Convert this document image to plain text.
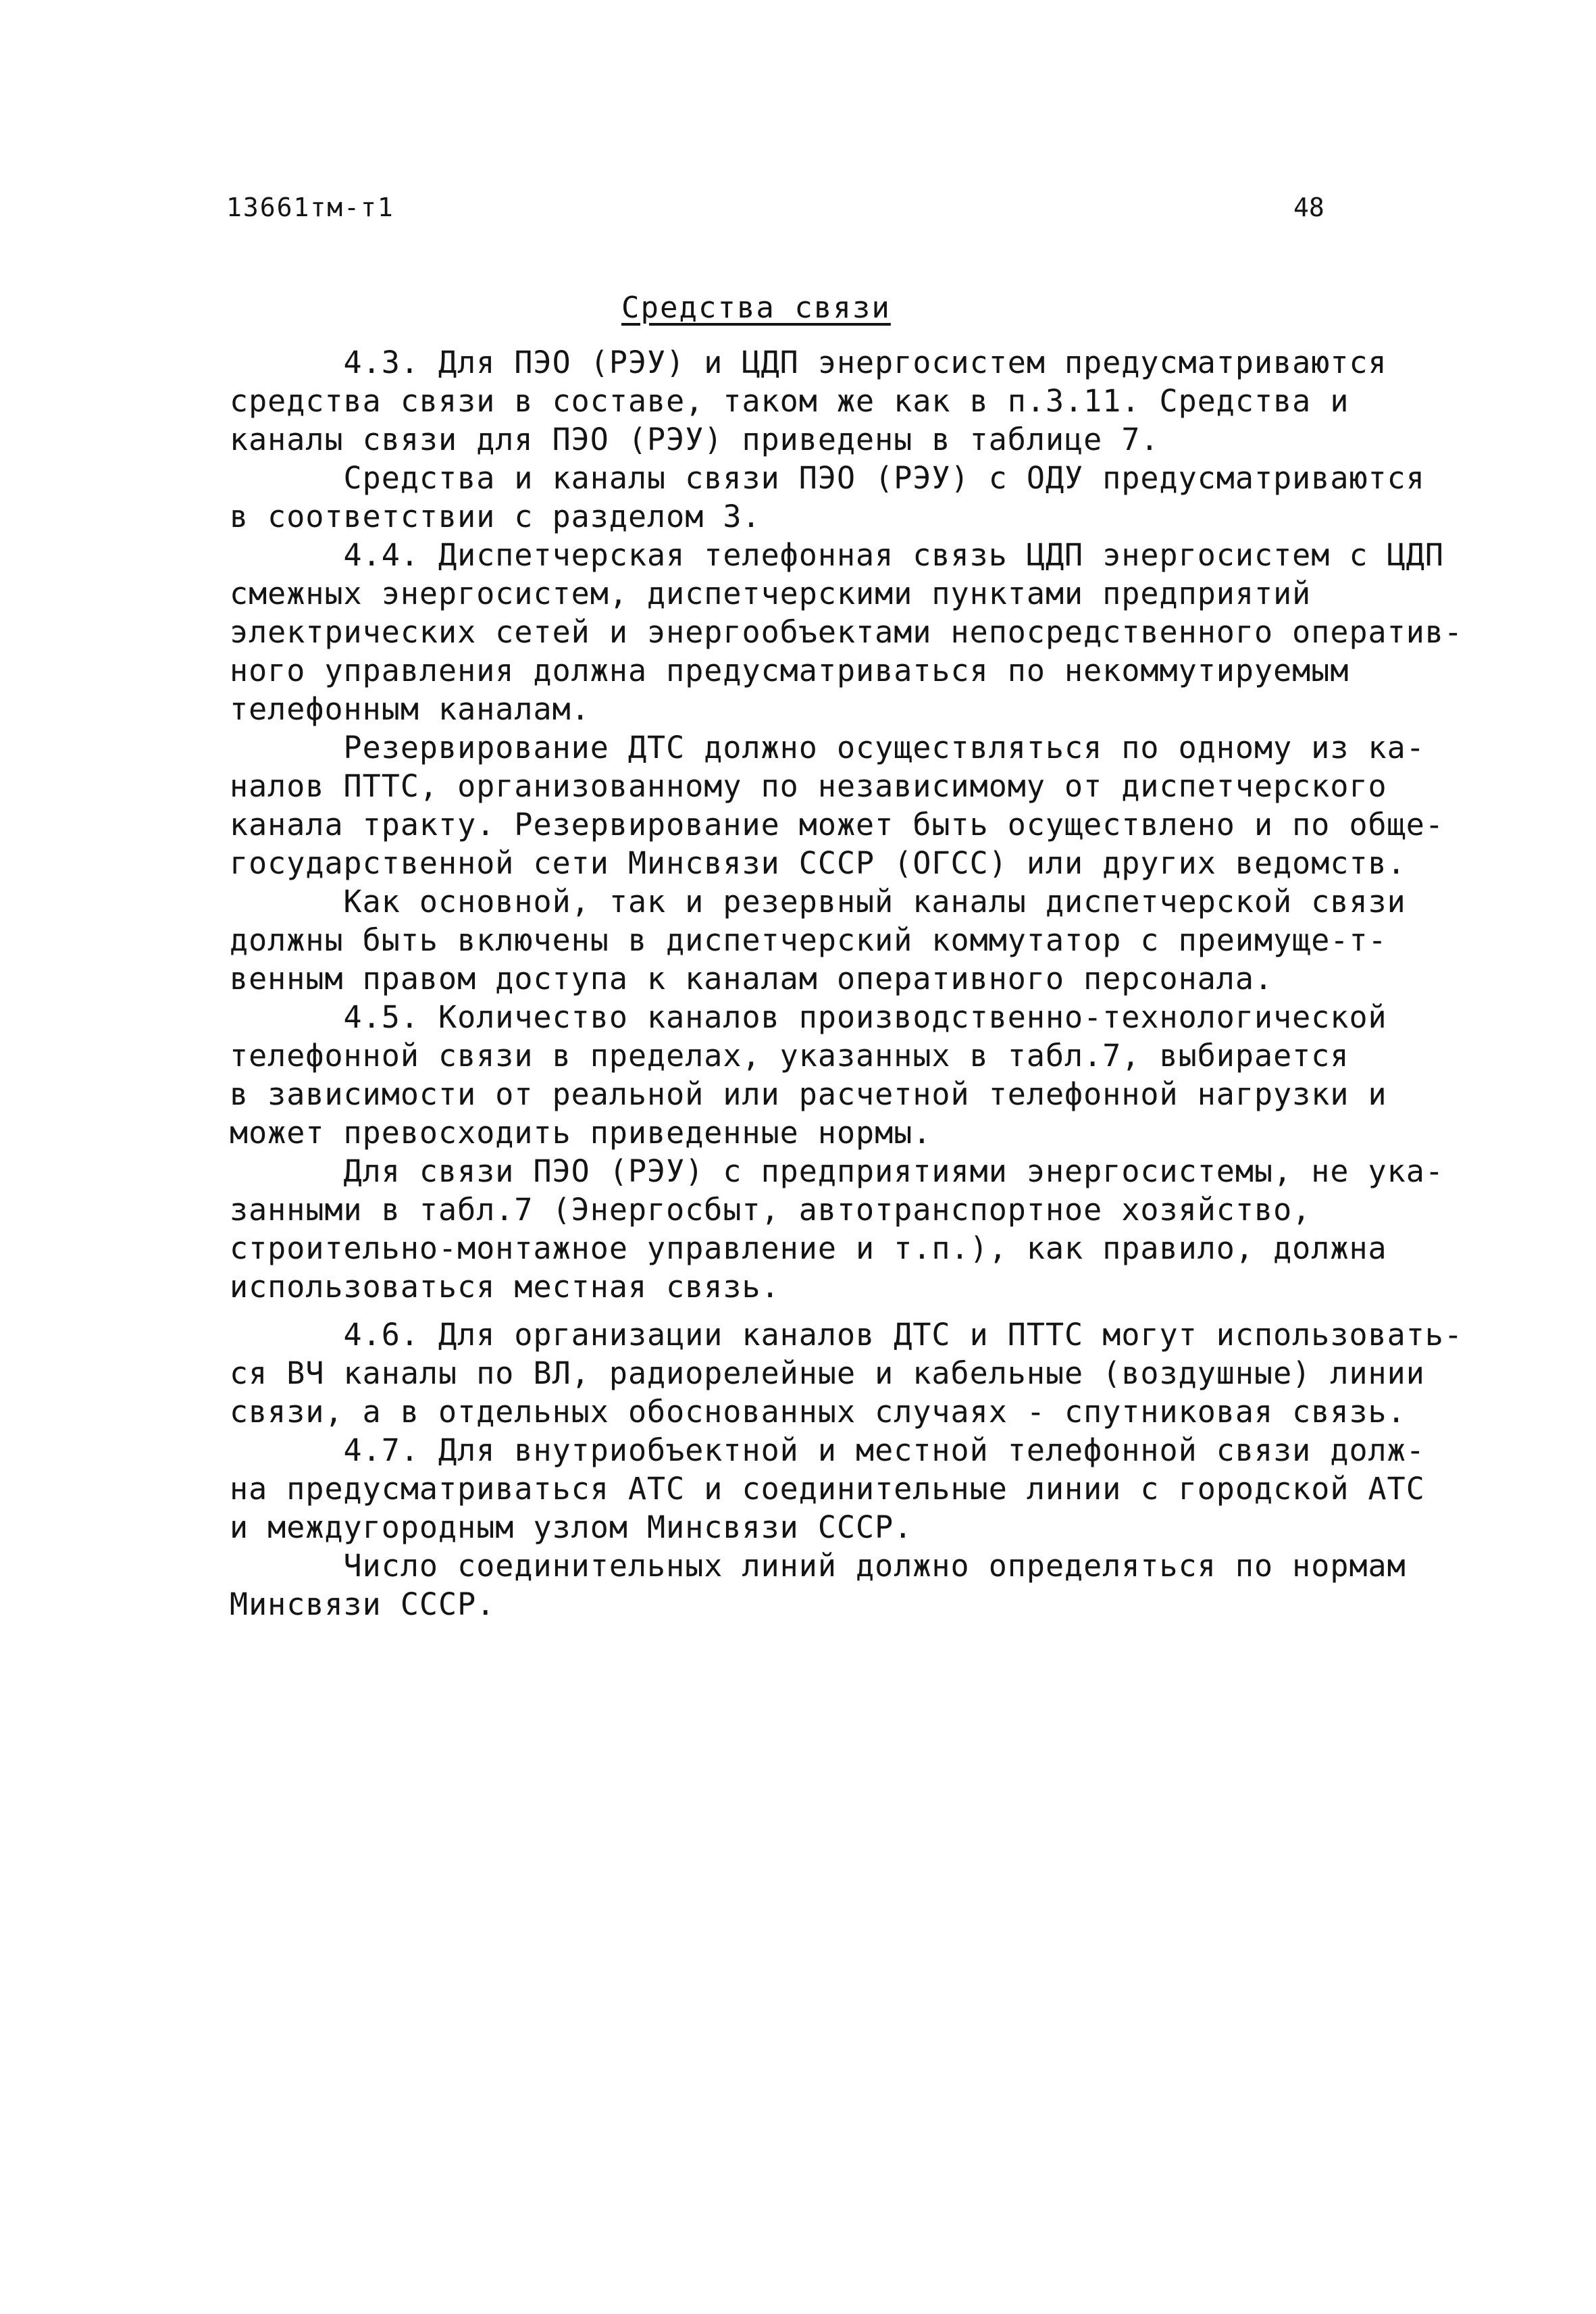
13661тм-т1	48
Средства связи
4.3. Для ПЭО (РЭУ) и ЦДП энергосистем предусматриваются
средства связи в составе, таком же как в п.3.11. Средства и
каналы связи для ПЭО (РЭУ) приведены в таблице 7.
Средства и каналы связи ПЭО (РЭУ) с ОДУ предусматриваются
в соответствии с разделом 3.
4.4. Диспетчерская телефонная связь ЦДП энергосистем с ЦДП
смежных энергосистем, диспетчерскими пунктами предприятий
электрических сетей и энергообъектами непосредственного оператив-
ного управления должна предусматриваться по некоммутируемым
телефонным каналам.
Резервирование ДТС должно осуществляться по одному из ка-
налов ПТТС, организованному по независимому от диспетчерского
канала тракту. Резервирование может быть осуществлено и по обще-
государственной сети Минсвязи СССР (ОГСС) или других ведомств.
Как основной, так и резервный каналы диспетчерской связи
должны быть включены в диспетчерский коммутатор с преимуще-т-
венным правом доступа к каналам оперативного персонала.
4.5. Количество каналов производственно-технологической
телефонной связи в пределах, указанных в табл.7, выбирается
в зависимости от реальной или расчетной телефонной нагрузки и
может превосходить приведенные нормы.
Для связи ПЭО (РЭУ) с предприятиями энергосистемы, не ука-
занными в табл.7 (Энергосбыт, автотранспортное хозяйство,
строительно-монтажное управление и т.п.), как правило, должна
использоваться местная связь.
4.6. Для организации каналов ДТС и ПТТС могут использовать-
ся ВЧ каналы по ВЛ, радиорелейные и кабельные (воздушные) линии
связи, а в отдельных обоснованных случаях - спутниковая связь.
4.7. Для внутриобъектной и местной телефонной связи долж-
на предусматриваться АТС и соединительные линии с городской АТС
и междугородным узлом Минсвязи СССР.
Число соединительных линий должно определяться по нормам
Минсвязи СССР.
